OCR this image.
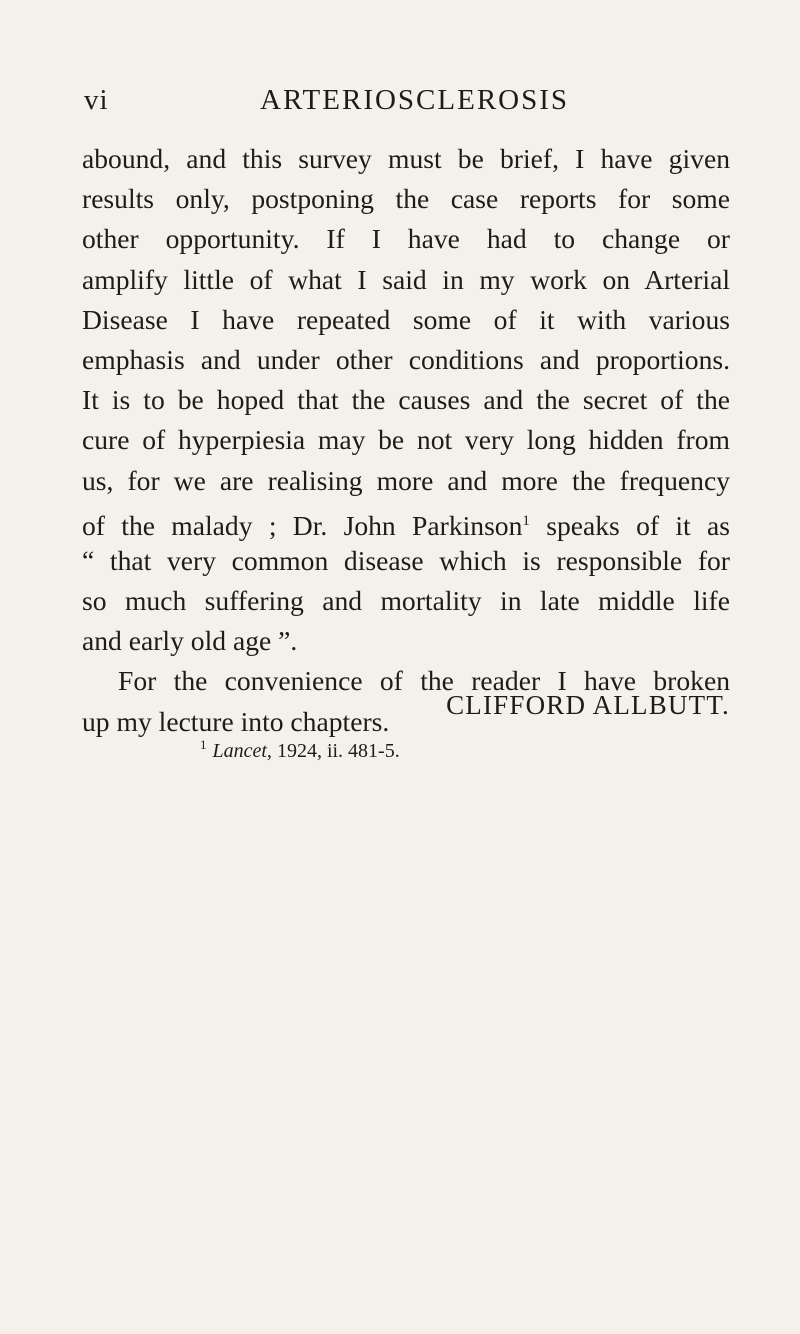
vi	ARTERIOSCLEROSIS
abound, and this survey must be brief, I have given
results only, postponing the case reports for some
other opportunity. If I have had to change or
amplify little of what I said in my work on Arterial
Disease I have repeated some of it with various
emphasis and under other conditions and proportions.
It is to be hoped that the causes and the secret of the
cure of hyperpiesia may be not very long hidden from
us, for we are realising more and more the frequency
of the malady ; Dr. John Parkinson$^1$ speaks of it as
“ that very common disease which is responsible for
so much suffering and mortality in late middle life
and early old age ”.
For the convenience of the reader I have broken
up my lecture into chapters.
CLIFFORD ALLBUTT.
$^1$ Lancet, 1924, ii. 481-5.
